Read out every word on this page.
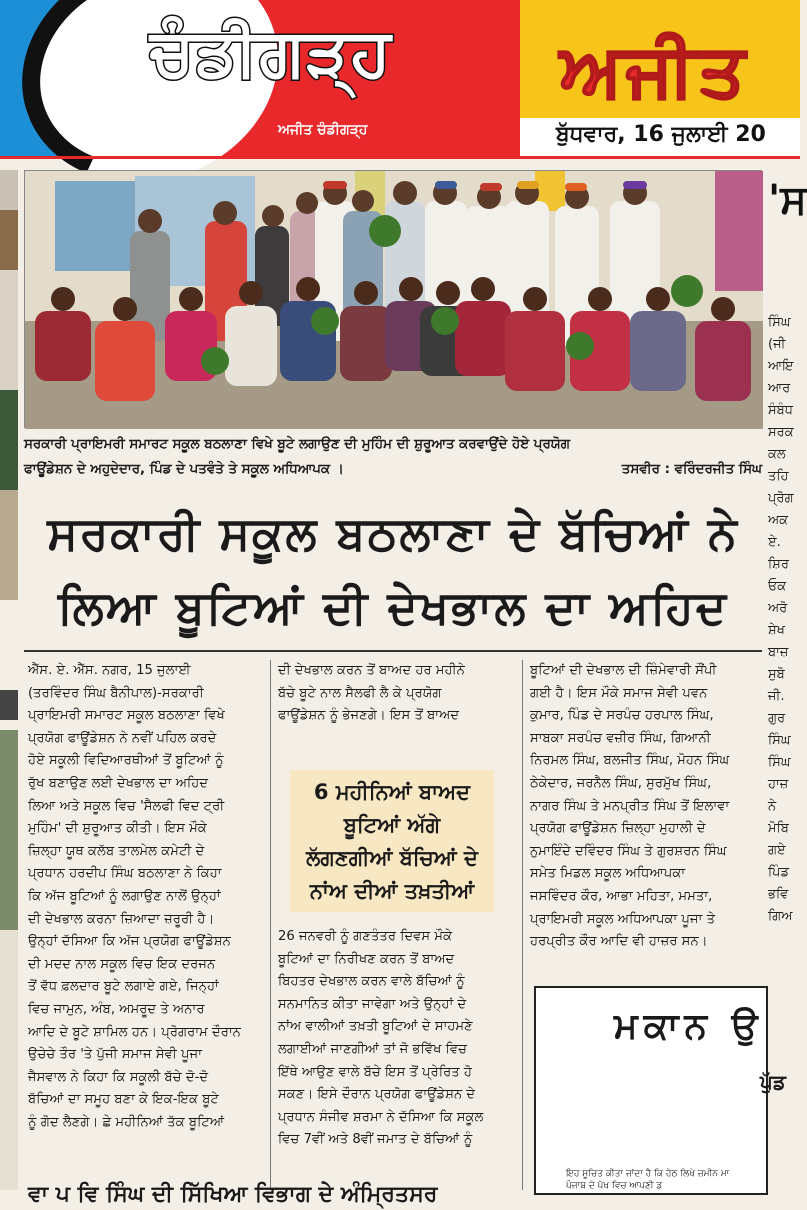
ਚੰਡੀਗੜ੍ਹ
ਅਜੀਤ ਚੰਡੀਗੜ੍ਹ
ਅਜੀਤ
ਬੁੱਧਵਾਰ, 16 ਜੁਲਾਈ 20
ਸਰਕਾਰੀ ਪ੍ਰਾਇਮਰੀ ਸਮਾਰਟ ਸਕੂਲ ਬਠਲਾਣਾ ਵਿਖੇ ਬੂਟੇ ਲਗਾਉਣ ਦੀ ਮੁਹਿੰਮ ਦੀ ਸ਼ੁਰੂਆਤ ਕਰਵਾਉਂਦੇ ਹੋਏ ਪ੍ਰਯੋਗ
ਫਾਊਂਡੇਸ਼ਨ ਦੇ ਅਹੁਦੇਦਾਰ, ਪਿੰਡ ਦੇ ਪਤਵੰਤੇ ਤੇ ਸਕੂਲ ਅਧਿਆਪਕ ।	ਤਸਵੀਰ : ਵਰਿੰਦਰਜੀਤ ਸਿੰਘ
ਸਰਕਾਰੀ ਸਕੂਲ ਬਠਲਾਣਾ ਦੇ ਬੱਚਿਆਂ ਨੇ
ਲਿਆ ਬੂਟਿਆਂ ਦੀ ਦੇਖਭਾਲ ਦਾ ਅਹਿਦ

ਐੱਸ. ਏ. ਐੱਸ. ਨਗਰ, 15 ਜੁਲਾਈ

(ਤਰਵਿੰਦਰ ਸਿੰਘ ਬੈਨੀਪਾਲ)-ਸਰਕਾਰੀ

ਪ੍ਰਾਇਮਰੀ ਸਮਾਰਟ ਸਕੂਲ ਬਠਲਾਣਾ ਵਿਖੇ

ਪ੍ਰਯੋਗ ਫਾਊਂਡੇਸ਼ਨ ਨੇ ਨਵੀਂ ਪਹਿਲ ਕਰਦੇ

ਹੋਏ ਸਕੂਲੀ ਵਿਦਿਆਰਥੀਆਂ ਤੋਂ ਬੂਟਿਆਂ ਨੂੰ

ਰੁੱਖ ਬਣਾਉਣ ਲਈ ਦੇਖਭਾਲ ਦਾ ਅਹਿਦ

ਲਿਆ ਅਤੇ ਸਕੂਲ ਵਿਚ 'ਸੈਲਫੀ ਵਿਦ ਟ੍ਰੀ

ਮੁਹਿੰਮ' ਦੀ ਸ਼ੁਰੂਆਤ ਕੀਤੀ। ਇਸ ਮੌਕੇ

ਜ਼ਿਲ੍ਹਾ ਯੂਥ ਕਲੱਬ ਤਾਲਮੇਲ ਕਮੇਟੀ ਦੇ

ਪ੍ਰਧਾਨ ਹਰਦੀਪ ਸਿੰਘ ਬਠਲਾਣਾ ਨੇ ਕਿਹਾ

ਕਿ ਅੱਜ ਬੂਟਿਆਂ ਨੂੰ ਲਗਾਉਣ ਨਾਲੋਂ ਉਨ੍ਹਾਂ

ਦੀ ਦੇਖਭਾਲ ਕਰਨਾ ਜ਼ਿਆਦਾ ਜ਼ਰੂਰੀ ਹੈ।

ਉਨ੍ਹਾਂ ਦੱਸਿਆ ਕਿ ਅੱਜ ਪ੍ਰਯੋਗ ਫਾਊਂਡੇਸ਼ਨ

ਦੀ ਮਦਦ ਨਾਲ ਸਕੂਲ ਵਿਚ ਇਕ ਦਰਜਨ

ਤੋਂ ਵੱਧ ਫ਼ਲਦਾਰ ਬੂਟੇ ਲਗਾਏ ਗਏ, ਜਿਨ੍ਹਾਂ

ਵਿਚ ਜਾਮੁਨ, ਅੰਬ, ਅਮਰੂਦ ਤੇ ਅਨਾਰ

ਆਦਿ ਦੇ ਬੂਟੇ ਸ਼ਾਮਿਲ ਹਨ। ਪ੍ਰੋਗਰਾਮ ਦੌਰਾਨ

ਉਚੇਚੇ ਤੌਰ 'ਤੇ ਪੁੱਜੀ ਸਮਾਜ ਸੇਵੀ ਪੂਜਾ

ਜੈਸਵਾਲ ਨੇ ਕਿਹਾ ਕਿ ਸਕੂਲੀ ਬੱਚੇ ਦੋ-ਦੋ

ਬੱਚਿਆਂ ਦਾ ਸਮੂਹ ਬਣਾ ਕੇ ਇਕ-ਇਕ ਬੂਟੇ

ਨੂੰ ਗੋਦ ਲੈਣਗੇ। ਛੇ ਮਹੀਨਿਆਂ ਤੱਕ ਬੂਟਿਆਂ

ਦੀ ਦੇਖਭਾਲ ਕਰਨ ਤੋਂ ਬਾਅਦ ਹਰ ਮਹੀਨੇ

ਬੱਚੇ ਬੂਟੇ ਨਾਲ ਸੈਲਫੀ ਲੈ ਕੇ ਪ੍ਰਯੋਗ

ਫਾਊਂਡੇਸ਼ਨ ਨੂੰ ਭੇਜਣਗੇ। ਇਸ ਤੋਂ ਬਾਅਦ

6 ਮਹੀਨਿਆਂ ਬਾਅਦ

ਬੂਟਿਆਂ ਅੱਗੇ

ਲੱਗਣਗੀਆਂ ਬੱਚਿਆਂ ਦੇ

ਨਾਂਅ ਦੀਆਂ ਤਖ਼ਤੀਆਂ

26 ਜਨਵਰੀ ਨੂੰ ਗਣਤੰਤਰ ਦਿਵਸ ਮੌਕੇ

ਬੂਟਿਆਂ ਦਾ ਨਿਰੀਖਣ ਕਰਨ ਤੋਂ ਬਾਅਦ

ਬਿਹਤਰ ਦੇਖਭਾਲ ਕਰਨ ਵਾਲੇ ਬੱਚਿਆਂ ਨੂੰ

ਸਨਮਾਨਿਤ ਕੀਤਾ ਜਾਵੇਗਾ ਅਤੇ ਉਨ੍ਹਾਂ ਦੇ

ਨਾਂਅ ਵਾਲੀਆਂ ਤਖ਼ਤੀ ਬੂਟਿਆਂ ਦੇ ਸਾਹਮਣੇ

ਲਗਾਈਆਂ ਜਾਣਗੀਆਂ ਤਾਂ ਜੋ ਭਵਿੱਖ ਵਿਚ

ਇੱਥੇ ਆਉਣ ਵਾਲੇ ਬੱਚੇ ਇਸ ਤੋਂ ਪ੍ਰੇਰਿਤ ਹੋ

ਸਕਣ। ਇਸੇ ਦੌਰਾਨ ਪ੍ਰਯੋਗ ਫਾਊਂਡੇਸ਼ਨ ਦੇ

ਪ੍ਰਧਾਨ ਸੰਜੀਵ ਸ਼ਰਮਾ ਨੇ ਦੱਸਿਆ ਕਿ ਸਕੂਲ

ਵਿਚ 7ਵੀਂ ਅਤੇ 8ਵੀਂ ਜਮਾਤ ਦੇ ਬੱਚਿਆਂ ਨੂੰ

ਬੂਟਿਆਂ ਦੀ ਦੇਖਭਾਲ ਦੀ ਜ਼ਿੰਮੇਵਾਰੀ ਸੌਂਪੀ

ਗਈ ਹੈ। ਇਸ ਮੌਕੇ ਸਮਾਜ ਸੇਵੀ ਪਵਨ

ਕੁਮਾਰ, ਪਿੰਡ ਦੇ ਸਰਪੰਚ ਹਰਪਾਲ ਸਿੰਘ,

ਸਾਬਕਾ ਸਰਪੰਚ ਵਜ਼ੀਰ ਸਿੰਘ, ਗਿਆਨੀ

ਨਿਰਮਲ ਸਿੰਘ, ਬਲਜੀਤ ਸਿੰਘ, ਮੋਹਨ ਸਿੰਘ

ਠੇਕੇਦਾਰ, ਜਰਨੈਲ ਸਿੰਘ, ਸੁਰਮੁੱਖ ਸਿੰਘ,

ਨਾਗਰ ਸਿੰਘ ਤੇ ਮਨਪ੍ਰੀਤ ਸਿੰਘ ਤੋਂ ਇਲਾਵਾ

ਪ੍ਰਯੋਗ ਫਾਊਂਡੇਸ਼ਨ ਜ਼ਿਲ੍ਹਾ ਮੁਹਾਲੀ ਦੇ

ਨੁਮਾਇੰਦੇ ਦਵਿੰਦਰ ਸਿੰਘ ਤੇ ਗੁਰਸ਼ਰਨ ਸਿੰਘ

ਸਮੇਤ ਮਿਡਲ ਸਕੂਲ ਅਧਿਆਪਕਾ

ਜਸਵਿੰਦਰ ਕੌਰ, ਆਭਾ ਮਹਿਤਾ, ਮਮਤਾ,

ਪ੍ਰਾਇਮਰੀ ਸਕੂਲ ਅਧਿਆਪਕਾ ਪੂਜਾ ਤੇ

ਹਰਪ੍ਰੀਤ ਕੌਰ ਆਦਿ ਵੀ ਹਾਜ਼ਰ ਸਨ।

ਮਕਾਨ ਉ
ਪੁੱਡ
ਇਹ ਸੂਚਿਤ ਕੀਤਾ ਜਾਂਦਾ ਹੈ ਕਿ ਹੇਠ ਲਿਖੇ ਜ਼ਮੀਨ ਮਾ
ਪੰਜਾਬ ਦੇ ਪੱਖ ਵਿਚ ਆਪਣੀ ਡ
'ਸ
ਸਿੰਘ
(ਜੀ
ਆਇ
ਆਰ
ਸੰਬੰਧ
ਸਰਕ
ਕਲ
ਤਹਿ
ਪ੍ਰੋਗ
ਅਕ
ਏ.
ਸ਼ਿਰ
ਓਕ
ਅਰੋ
ਸ਼ੇਖ
ਬਾਜ਼
ਸੁਬੋ
ਜੀ.
ਗੁਰ
ਸਿੰਘ
ਸਿੰਘ
ਹਾਜ਼
ਨੇ
ਮੋਬਿ
ਗਏ
ਪਿੰਡ
ਭਵਿ
ਗਿਅ
ਵਾ ਪ ਵਿ ਸਿੰਘ ਦੀ ਸਿੱਖਿਆ ਵਿਭਾਗ ਦੇ ਅੰਮ੍ਰਿਤਸਰ
